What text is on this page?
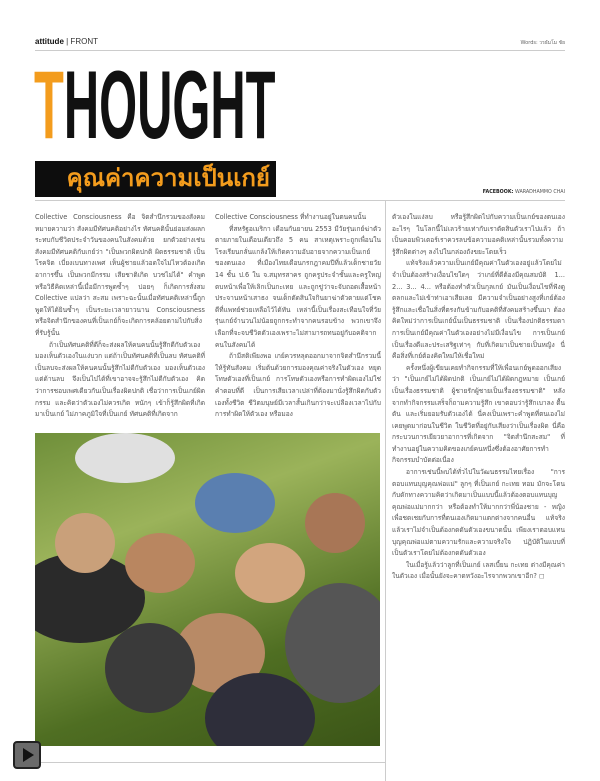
attitude | FRONT	Words: วรธัมโม ชัย
THOUGHT
คุณค่าความเป็นเกย์
FACEBOOK: WARADHAMMO CHAI

Collective Consciousness คือ จิตสำนึกรวมของสังคม หมายความว่า สังคมมีทัศนคติอย่างไร ทัศนคตินั้นย่อมส่งผลกระทบกับชีวิตประจำวันของคนในสังคมด้วย ยกตัวอย่างเช่น สังคมมีทัศนคติกับเกย์ว่า "เป็นพวกผิดปกติ ผิดธรรมชาติ เป็นโรคจิต เบี่ยงเบนทางเพศ เห็นผู้ชายแล้วอดใจไม่ไหวต้องเกิดอาการขึ้น เป็นพวกมีกรรม เสียชาติเกิด บวชไม่ได้" คำพูดหรือวิธีคิดเหล่านี้เมื่อมีการพูดซ้ำๆ บ่อยๆ ก็เกิดการสั่งสม Collective แปลว่า สะสม เพราะฉะนั้นเมื่อทัศนคติเหล่านี้ถูกพูดให้ได้ยินซ้ำๆ เป็นระยะเวลายาวนาน Consciousness หรือจิตสำนึกของคนที่เป็นเกย์ก็จะเกิดการคล้อยตามไปกับสิ่งที่รับรู้นั้น

ถ้าเป็นทัศนคติที่ดีก็จะส่งผลให้คนคนนั้นรู้สึกดีกับตัวเอง มองเห็นตัวเองในแง่บวก แต่ถ้าเป็นทัศนคติที่เป็นลบ ทัศนคติที่เป็นลบจะส่งผลให้คนคนนั้นรู้สึกไม่ดีกับตัวเอง มองเห็นตัวเองแต่ด้านลบ จึงเป็นไปได้ที่เขาอาจจะรู้สึกไม่ดีกับตัวเอง คิดว่าการชอบเพศเดียวกันเป็นเรื่องผิดปกติ เชื่อว่าการเป็นเกย์ผิดกรรม และคิดว่าตัวเองไม่ควรเกิด หนักๆ เข้าก็รู้สึกผิดที่เกิดมาเป็นเกย์ ไม่ภาคภูมิใจที่เป็นเกย์ ทัศนคติที่เกิดจาก

Collective Consciousness ที่ทำงานอยู่ในตนคนนั้น

ที่สหรัฐอเมริกา เดือนกันยายน 2553 มีวัยรุ่นเกย์ฆ่าตัวตายภายในเดือนเดียวถึง 5 คน สาเหตุเพราะถูกเพื่อนในโรงเรียนกลั่นแกล้งให้เกิดความอับอายจากความเป็นเกย์ของตนเอง ที่เมืองไทยเดือนกรกฎาคมปีที่แล้วเด็กชายวัย 14 ชั้น ป.6 ใน จ.สมุทรสาคร ถูกครูประจำชั้นและครูใหญ่ตบหน้าเพื่อให้เลิกเป็นกะเทย และถูกขู่ว่าจะจับถอดเสื้อหน้าประจานหน้าเสาธง จนเด็กตัดสินใจกินยาฆ่าตัวตายแต่โชคดีที่แพทย์ช่วยเหลือไว้ได้ทัน เหล่านี้เป็นเรื่องสะเทือนใจที่วัยรุ่นเกย์จำนวนไม่น้อยถูกกระทำจากคนรอบข้าง พวกเขาจึงเลือกที่จะจบชีวิตตัวเองเพราะไม่สามารถทนอยู่กับอคติจากคนในสังคมได้

ถ้ามีสติเพียงพอ เกย์ควรหลุดออกมาจากจิตสำนึกรวมนี้ให้รู้ทันสังคม เริ่มต้นด้วยการมองคุณค่าจริงในตัวเอง หยุดโทษตัวเองที่เป็นเกย์ การโทษตัวเองหรือการทำผิดเองไม่ใช่คำตอบที่ดี เป็นการเสียเวลาเปล่าที่ต้องมานั่งรู้สึกผิดกับตัวเองทั้งชีวิต ชีวิตมนุษย์มีเวลาสั้นเกินกว่าจะเปลืองเวลาไปกับการทำผิดให้ตัวเอง หรือมอง

ตัวเองในแง่ลบ หรือรู้สึกผิดไปกับความเป็นเกย์ของตนเอง อะไรๆ ในโลกนี้ไม่เลวร้ายเท่ากับเราตัดสินตัวเราไปแล้ว ถ้าเป็นคอมพิวเตอร์เราควรลบข้อความอคติเหล่านั้นรวมทั้งความรู้สึกผิดต่างๆ ลงไปในกล่องถังขยะโดยเร็ว

แท้จริงแล้วความเป็นเกย์มีคุณค่าในตัวเองอยู่แล้วโดยไม่จำเป็นต้องสร้างเงื่อนไขใดๆ ว่าเกย์ที่ดีต้องมีคุณสมบัติ 1... 2... 3... 4... หรือต้องทำตัวเป็นกุลเกย์ มันเป็นเงื่อนไขที่ฟังดูตลกและไม่เข้าท่าเอาเสียเลย มีความจำเป็นอย่างสูงที่เกย์ต้องรู้สึกและเชื่อในสิ่งที่ตรงกันข้ามกับอคติที่สังคมสร้างขึ้นมา ต้องคิดใหม่ว่าการเป็นเกย์นั้นเป็นธรรมชาติ เป็นเรื่องปกติธรรมดา การเป็นเกย์มีคุณค่าในตัวเองอย่างไม่มีเงื่อนไข การเป็นเกย์เป็นเรื่องดีและประเสริฐเท่าๆ กับที่เกิดมาเป็นชายเป็นหญิง นี่คือสิ่งที่เกย์ต้องคิดใหม่ให้เชื่อใหม่

ครั้งหนึ่งผู้เขียนเคยทำกิจกรรมที่ให้เพื่อนเกย์พูดออกเสียงว่า "เป็นเกย์ไม่ได้ผิดปกติ เป็นเกย์ไม่ได้ผิดกฎหมาย เป็นเกย์เป็นเรื่องธรรมชาติ ผู้ชายรักผู้ชายเป็นเรื่องธรรมชาติ" หลังจากทำกิจกรรมเสร็จก็ถามความรู้สึก เขาตอบว่ารู้สึกเบาลง ตื้นตัน และเริ่มยอมรับตัวเองได้ นี่คงเป็นเพราะคำพูดที่ตนเองไม่เคยพูดมาก่อนในชีวิต ในชีวิตที่อยู่กับเสียงว่าเป็นเรื่องผิด นี่คือกระบวนการเยียวยาอาการที่เกิดจาก "จิตสำนึกสะสม" ที่ทำงานอยู่ในความคิดของเกย์คนหนึ่งซึ่งต้องอาศัยการทำกิจกรรมบำบัดต่อเนื่อง

อาการเช่นนี้พบได้ทั่วไปในวัฒนธรรมไทยเรื่อง "การตอบแทนบุญคุณพ่อแม่" ลูกๆ ที่เป็นเกย์ กะเทย ทอม มักจะโดนกับดักทางความคิดว่าเกิดมาเป็นแบบนี้แล้วต้องตอบแทนบุญคุณพ่อแม่มากกว่า หรือต้องทำให้มากกว่าพี่น้องชาย - หญิงเพื่อชดเชยกับการที่ตนเองเกิดมาแตกต่างจากคนอื่น แท้จริงแล้วเราไม่จำเป็นต้องกดดันตัวเองขนาดนั้น เพียงเราตอบแทนบุญคุณพ่อแม่ตามความรักและความจริงใจ ปฏิบัติในแบบที่เป็นตัวเราโดยไม่ต้องกดดันตัวเอง

ในเมื่อรู้แล้วว่าลูกที่เป็นเกย์ เลสเบี้ยน กะเทย ต่างมีคุณค่าในตัวเอง เมื่อนั้นยังจะคาดหวังอะไรจากพวกเขาอีก? ◻
